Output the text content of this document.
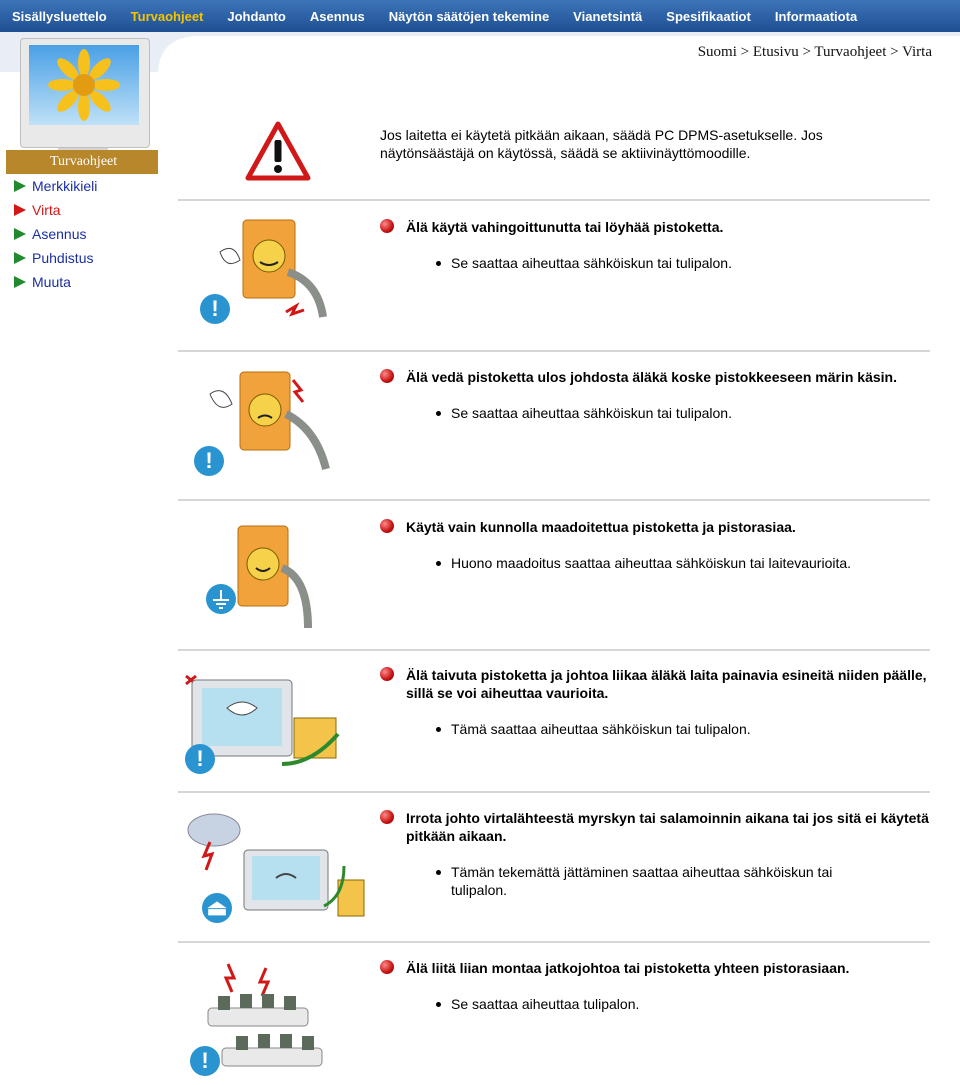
Sisällysluettelo	Turvaohjeet	Johdanto	Asennus	Näytön säätöjen tekemine	Vianetsintä	Spesifikaatiot	Informaatiota
Suomi > Etusivu > Turvaohjeet > Virta
Turvaohjeet
Merkkikieli
Virta
Asennus
Puhdistus
Muuta
Jos laitetta ei käytetä pitkään aikaan, säädä PC DPMS-asetukselle. Jos näytönsäästäjä on käytössä, säädä se aktiivinäyttömoodille.
!
!
!
⏏
!
Älä käytä vahingoittunutta tai löyhää pistoketta.
Se saattaa aiheuttaa sähköiskun tai tulipalon.
Älä vedä pistoketta ulos johdosta äläkä koske pistokkeeseen märin käsin.
Se saattaa aiheuttaa sähköiskun tai tulipalon.
Käytä vain kunnolla maadoitettua pistoketta ja pistorasiaa.
Huono maadoitus saattaa aiheuttaa sähköiskun tai laitevaurioita.
Älä taivuta pistoketta ja johtoa liikaa äläkä laita painavia esineitä niiden päälle, sillä se voi aiheuttaa vaurioita.
Tämä saattaa aiheuttaa sähköiskun tai tulipalon.
Irrota johto virtalähteestä myrskyn tai salamoinnin aikana tai jos sitä ei käytetä pitkään aikaan.
Tämän tekemättä jättäminen saattaa aiheuttaa sähköiskun tai tulipalon.
Älä liitä liian montaa jatkojohtoa tai pistoketta yhteen pistorasiaan.
Se saattaa aiheuttaa tulipalon.
